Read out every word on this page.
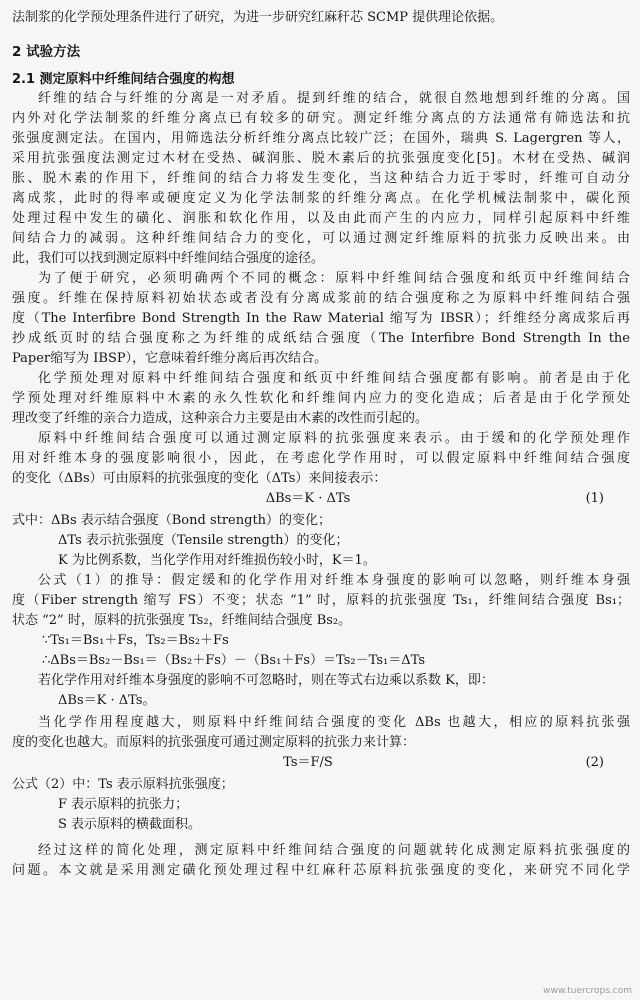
法制浆的化学预处理条件进行了研究，为进一步研究红麻秆芯 SCMP 提供理论依据。
2 试验方法
2.1 测定原料中纤维间结合强度的构想
纤维的结合与纤维的分离是一对矛盾。提到纤维的结合，就很自然地想到纤维的分离。国
内外对化学法制浆的纤维分离点已有较多的研究。测定纤维分离点的方法通常有筛选法和抗
张强度测定法。在国内，用筛选法分析纤维分离点比较广泛；在国外，瑞典 S. Lagergren 等人，
采用抗张强度法测定过木材在受热、碱润胀、脱木素后的抗张强度变化[5]。木材在受热、碱润
胀、脱木素的作用下，纤维间的结合力将发生变化，当这种结合力近于零时，纤维可自动分
离成浆，此时的得率或硬度定义为化学法制浆的纤维分离点。在化学机械法制浆中，碳化预
处理过程中发生的磺化、润胀和软化作用，以及由此而产生的内应力，同样引起原料中纤维
间结合力的减弱。这种纤维间结合力的变化，可以通过测定纤维原料的抗张力反映出来。由
此，我们可以找到测定原料中纤维间结合强度的途径。
为了便于研究，必须明确两个不同的概念：原料中纤维间结合强度和纸页中纤维间结合
强度。纤维在保持原料初始状态或者没有分离成浆前的结合强度称之为原料中纤维间结合强
度（The Interfibre Bond Strength In the Raw Material 缩写为 IBSR）；纤维经分离成浆后再
抄成纸页时的结合强度称之为纤维的成纸结合强度（The Interfibre Bond Strength In the
Paper缩写为 IBSP），它意味着纤维分离后再次结合。
化学预处理对原料中纤维间结合强度和纸页中纤维间结合强度都有影响。前者是由于化
学预处理对纤维原料中木素的永久性软化和纤维间内应力的变化造成；后者是由于化学预处
理改变了纤维的亲合力造成，这种亲合力主要是由木素的改性而引起的。
原料中纤维间结合强度可以通过测定原料的抗张强度来表示。由于缓和的化学预处理作
用对纤维本身的强度影响很小，因此，在考虑化学作用时，可以假定原料中纤维间结合强度
的变化（ΔBs）可由原料的抗张强度的变化（ΔTs）来间接表示：
ΔBs＝K · ΔTs	(1)
式中：ΔBs 表示结合强度（Bond strength）的变化；
ΔTs 表示抗张强度（Tensile strength）的变化；
K 为比例系数，当化学作用对纤维损伤较小时，K＝1。
公式（1）的推导：假定缓和的化学作用对纤维本身强度的影响可以忽略，则纤维本身强
度（Fiber strength 缩写 FS）不变；状态 “1” 时，原料的抗张强度 Ts₁，纤维间结合强度 Bs₁；
状态 “2” 时，原料的抗张强度 Ts₂，纤维间结合强度 Bs₂。
∵Ts₁＝Bs₁＋Fs，Ts₂＝Bs₂＋Fs
∴ΔBs＝Bs₂－Bs₁＝（Bs₂＋Fs）－（Bs₁＋Fs）＝Ts₂－Ts₁＝ΔTs
若化学作用对纤维本身强度的影响不可忽略时，则在等式右边乘以系数 K，即：
ΔBs＝K · ΔTs。
当化学作用程度越大，则原料中纤维间结合强度的变化 ΔBs 也越大，相应的原料抗张强
度的变化也越大。而原料的抗张强度可通过测定原料的抗张力来计算：
Ts＝F/S	(2)
公式（2）中：Ts 表示原料抗张强度；
F 表示原料的抗张力；
S 表示原料的横截面积。
经过这样的简化处理，测定原料中纤维间结合强度的问题就转化成测定原料抗张强度的
问题。本文就是采用测定磺化预处理过程中红麻秆芯原料抗张强度的变化，来研究不同化学
www.tuercrops.com
